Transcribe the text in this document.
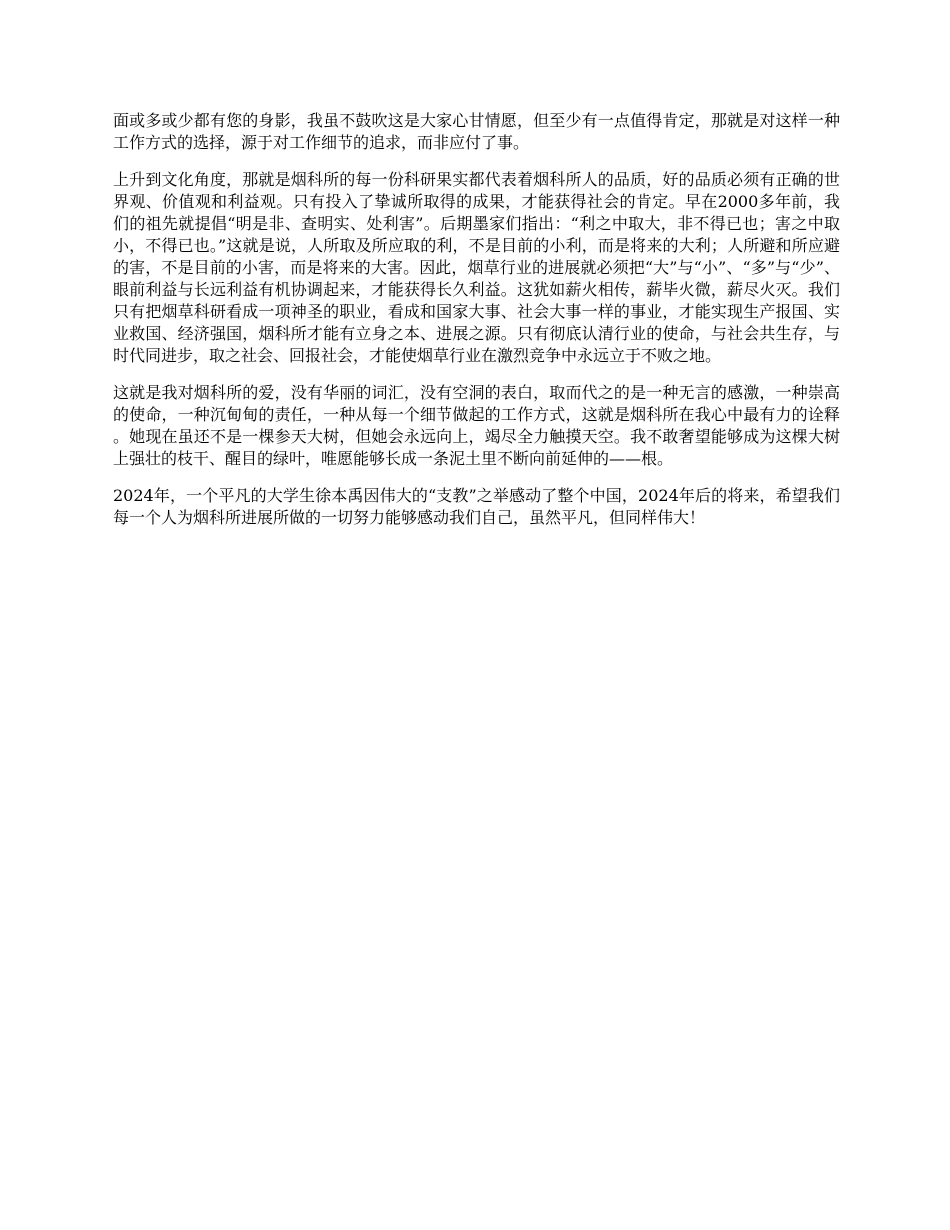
面或多或少都有您的身影，我虽不鼓吹这是大家心甘情愿，但至少有一点值得肯定，那就是对这样一种工作方式的选择，源于对工作细节的追求，而非应付了事。

上升到文化角度，那就是烟科所的每一份科研果实都代表着烟科所人的品质，好的品质必须有正确的世界观、价值观和利益观。只有投入了挚诚所取得的成果，才能获得社会的肯定。早在2000多年前，我们的祖先就提倡“明是非、查明实、处利害”。后期墨家们指出：“利之中取大，非不得已也；害之中取小，不得已也。”这就是说，人所取及所应取的利，不是目前的小利，而是将来的大利；人所避和所应避的害，不是目前的小害，而是将来的大害。因此，烟草行业的进展就必须把“大”与“小”、“多”与“少”、眼前利益与长远利益有机协调起来，才能获得长久利益。这犹如薪火相传，薪毕火微，薪尽火灭。我们只有把烟草科研看成一项神圣的职业，看成和国家大事、社会大事一样的事业，才能实现生产报国、实业救国、经济强国，烟科所才能有立身之本、进展之源。只有彻底认清行业的使命，与社会共生存，与时代同进步，取之社会、回报社会，才能使烟草行业在激烈竞争中永远立于不败之地。

这就是我对烟科所的爱，没有华丽的词汇，没有空洞的表白，取而代之的是一种无言的感激，一种崇高的使命，一种沉甸甸的责任，一种从每一个细节做起的工作方式，这就是烟科所在我心中最有力的诠释。她现在虽还不是一棵参天大树，但她会永远向上，竭尽全力触摸天空。我不敢奢望能够成为这棵大树上强壮的枝干、醒目的绿叶，唯愿能够长成一条泥土里不断向前延伸的——根。

2024年，一个平凡的大学生徐本禹因伟大的“支教”之举感动了整个中国，2024年后的将来，希望我们每一个人为烟科所进展所做的一切努力能够感动我们自己，虽然平凡，但同样伟大！
